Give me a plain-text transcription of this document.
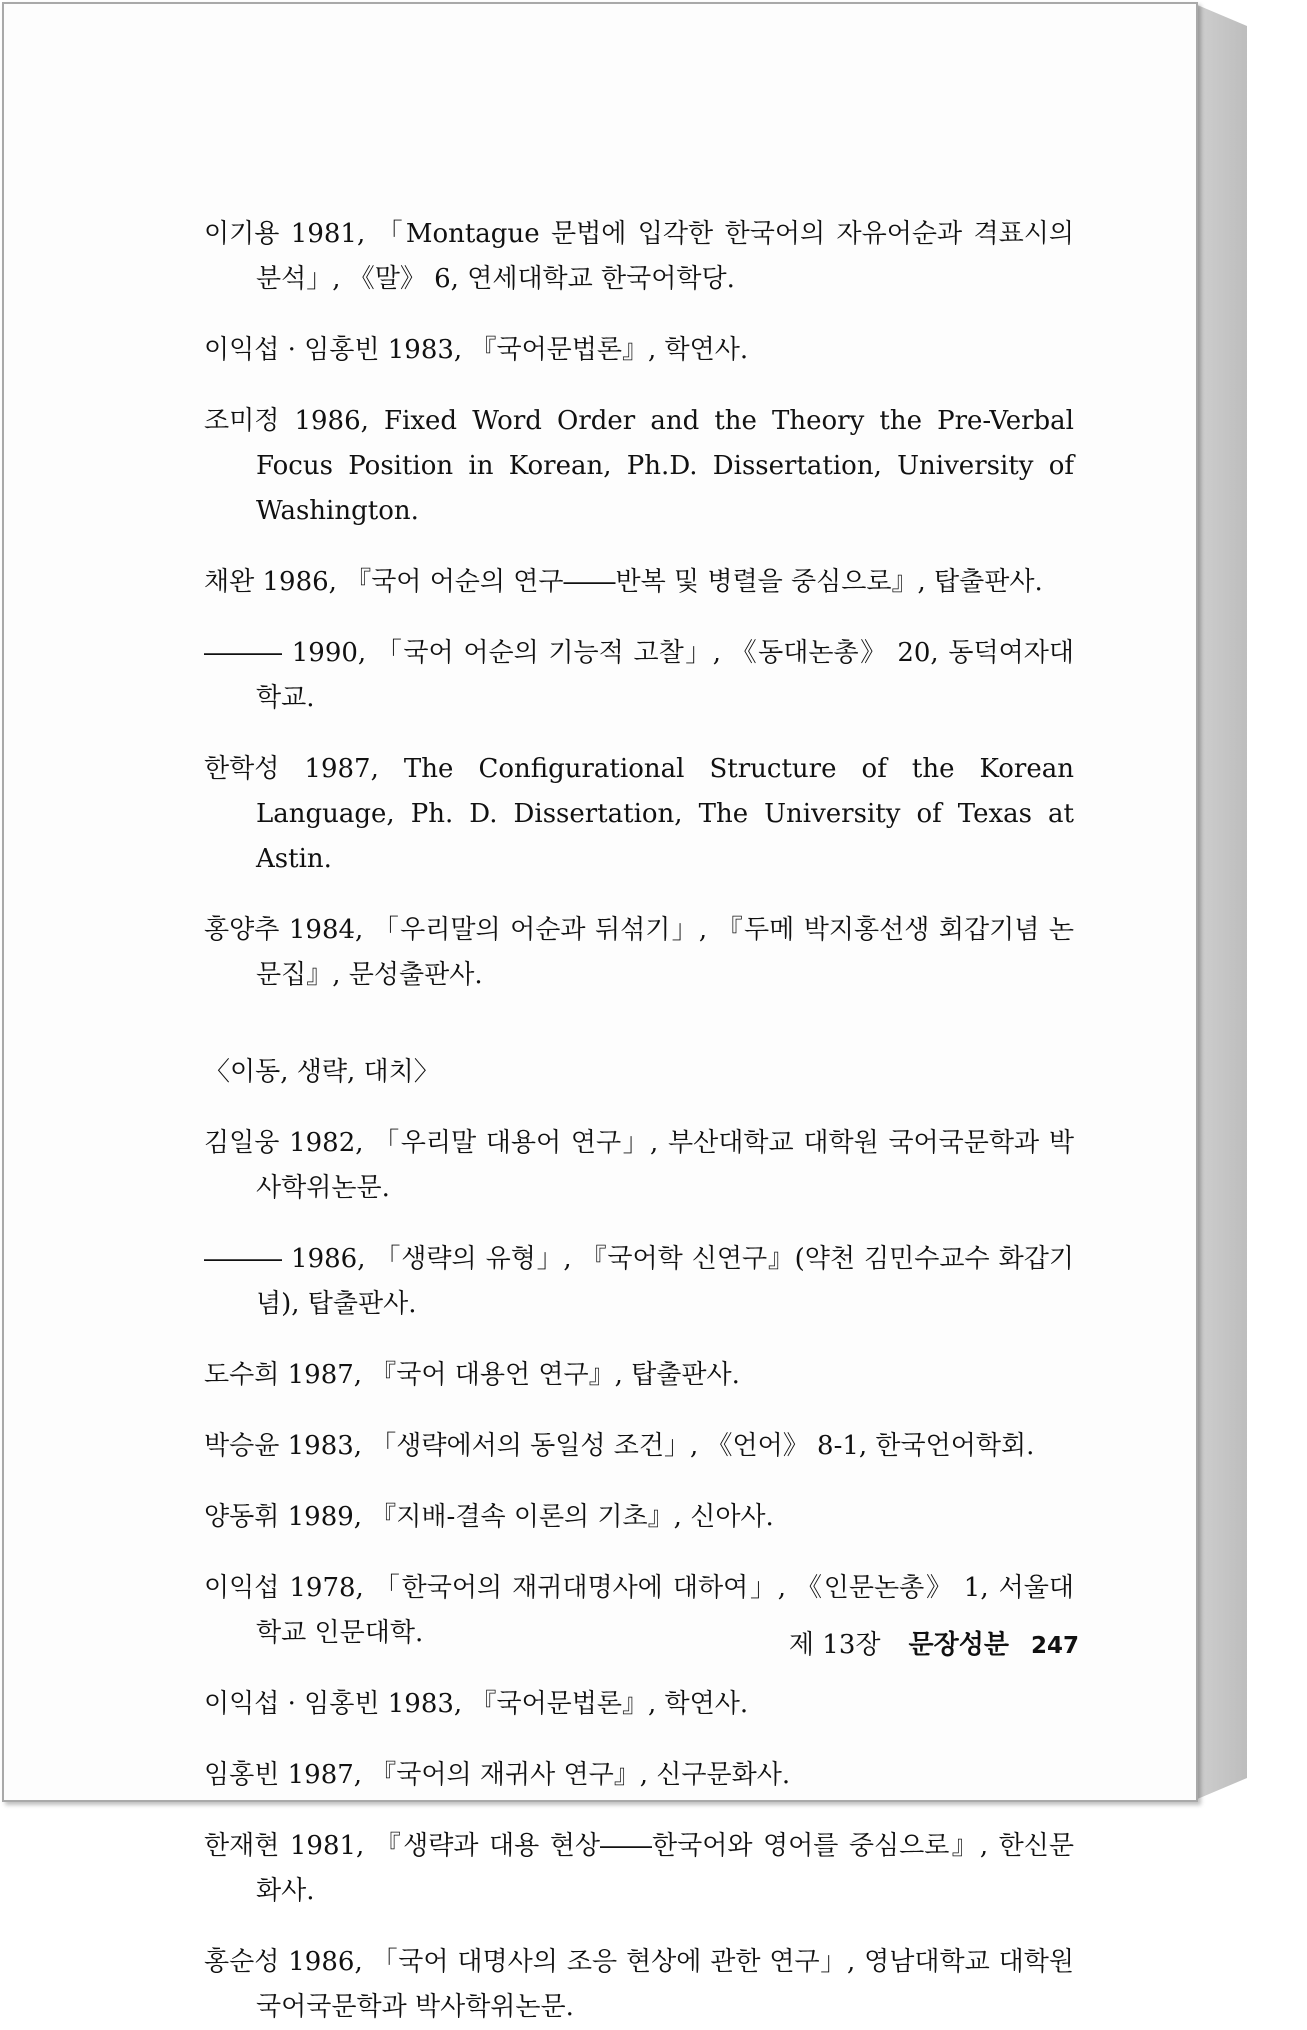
이기용 1981, 「Montague 문법에 입각한 한국어의 자유어순과 격표시의 분석」, 《말》 6, 연세대학교 한국어학당.

이익섭 · 임홍빈 1983, 『국어문법론』, 학연사.

조미정 1986, Fixed Word Order and the Theory the Pre-Verbal Focus Position in Korean, Ph.D. Dissertation, University of Washington.

채완 1986, 『국어 어순의 연구――반복 및 병렬을 중심으로』, 탑출판사.

――― 1990, 「국어 어순의 기능적 고찰」, 《동대논총》 20, 동덕여자대학교.

한학성 1987, The Configurational Structure of the Korean Language, Ph. D. Dissertation, The University of Texas at Astin.

홍양추 1984, 「우리말의 어순과 뒤섞기」, 『두메 박지홍선생 회갑기념 논문집』, 문성출판사.

〈이동, 생략, 대치〉

김일웅 1982, 「우리말 대용어 연구」, 부산대학교 대학원 국어국문학과 박사학위논문.

――― 1986, 「생략의 유형」, 『국어학 신연구』(약천 김민수교수 화갑기념), 탑출판사.

도수희 1987, 『국어 대용언 연구』, 탑출판사.

박승윤 1983, 「생략에서의 동일성 조건」, 《언어》 8-1, 한국언어학회.

양동휘 1989, 『지배-결속 이론의 기초』, 신아사.

이익섭 1978, 「한국어의 재귀대명사에 대하여」, 《인문논총》 1, 서울대학교 인문대학.

이익섭 · 임홍빈 1983, 『국어문법론』, 학연사.

임홍빈 1987, 『국어의 재귀사 연구』, 신구문화사.

한재현 1981, 『생략과 대용 현상――한국어와 영어를 중심으로』, 한신문화사.

홍순성 1986, 「국어 대명사의 조응 현상에 관한 연구」, 영남대학교 대학원 국어국문학과 박사학위논문.

제 13장 문장성분 247
